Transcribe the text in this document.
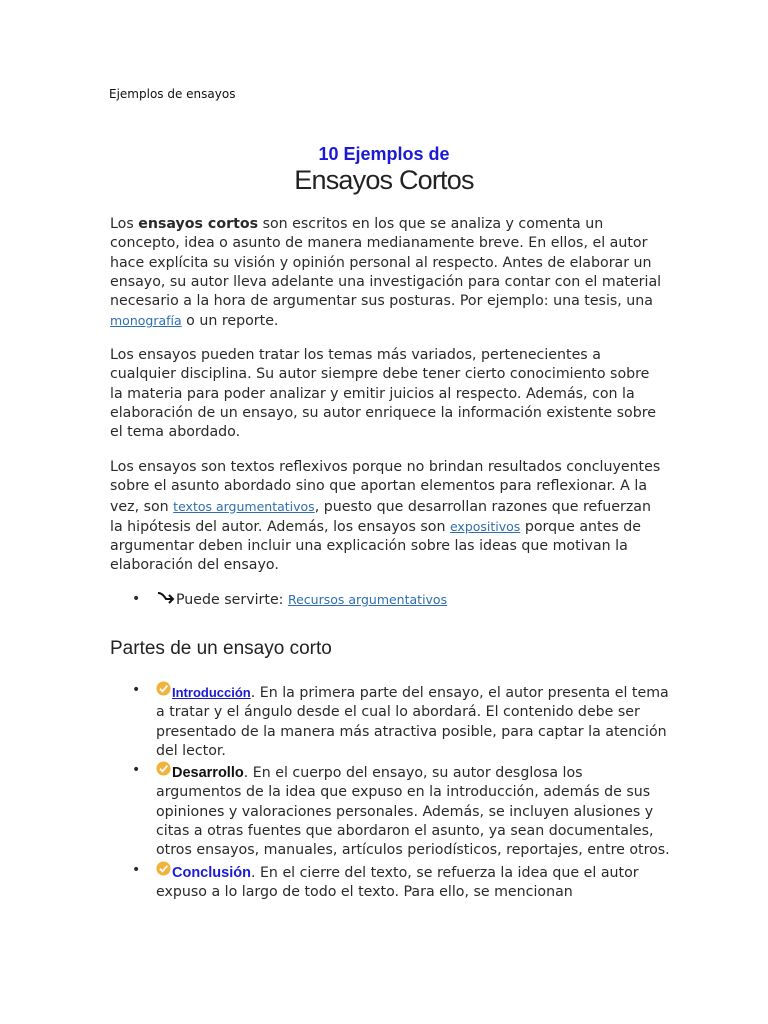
Ejemplos de ensayos
10 Ejemplos de
Ensayos Cortos

Los ensayos cortos son escritos en los que se analiza y comenta un concepto, idea o asunto de manera medianamente breve. En ellos, el autor hace explícita su visión y opinión personal al respecto. Antes de elaborar un ensayo, su autor lleva adelante una investigación para contar con el material necesario a la hora de argumentar sus posturas. Por ejemplo: una tesis, una monografía o un reporte.

Los ensayos pueden tratar los temas más variados, pertenecientes a cualquier disciplina. Su autor siempre debe tener cierto conocimiento sobre la materia para poder analizar y emitir juicios al respecto. Además, con la elaboración de un ensayo, su autor enriquece la información existente sobre el tema abordado.

Los ensayos son textos reflexivos porque no brindan resultados concluyentes sobre el asunto abordado sino que aportan elementos para reflexionar. A la vez, son textos argumentativos, puesto que desarrollan razones que refuerzan la hipótesis del autor. Además, los ensayos son expositivos porque antes de argumentar deben incluir una explicación sobre las ideas que motivan la elaboración del ensayo.

•	Puede servirte: Recursos argumentativos
Partes de un ensayo corto
• Introducción. En la primera parte del ensayo, el autor presenta el tema a tratar y el ángulo desde el cual lo abordará. El contenido debe ser presentado de la manera más atractiva posible, para captar la atención del lector.
• Desarrollo. En el cuerpo del ensayo, su autor desglosa los argumentos de la idea que expuso en la introducción, además de sus opiniones y valoraciones personales. Además, se incluyen alusiones y citas a otras fuentes que abordaron el asunto, ya sean documentales, otros ensayos, manuales, artículos periodísticos, reportajes, entre otros.
• Conclusión. En el cierre del texto, se refuerza la idea que el autor expuso a lo largo de todo el texto. Para ello, se mencionan
